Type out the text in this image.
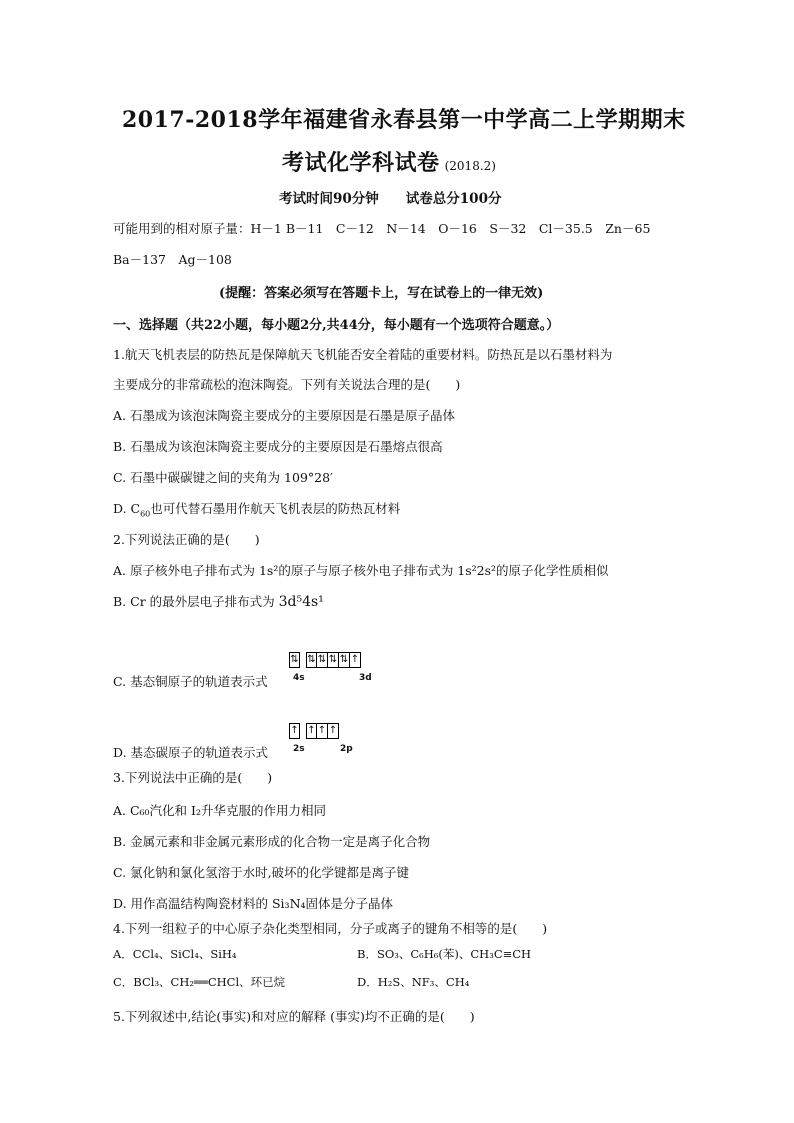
2017-2018学年福建省永春县第一中学高二上学期期末
考试化学科试卷 (2018.2)
考试时间90分钟　　试卷总分100分
可能用到的相对原子量：H－1 B－11　C－12　N－14　O－16　S－32　Cl－35.5　Zn－65
Ba－137　Ag－108
(提醒：答案必须写在答题卡上，写在试卷上的一律无效)
一、选择题（共22小题，每小题2分,共44分，每小题有一个选项符合题意。）
1.航天飞机表层的防热瓦是保障航天飞机能否安全着陆的重要材料。防热瓦是以石墨材料为
主要成分的非常疏松的泡沫陶瓷。下列有关说法合理的是(　　)
A. 石墨成为该泡沫陶瓷主要成分的主要原因是石墨是原子晶体
B. 石墨成为该泡沫陶瓷主要成分的主要原因是石墨熔点很高
C. 石墨中碳碳键之间的夹角为 109°28′
D. $C_{60}$也可代替石墨用作航天飞机表层的防热瓦材料
2.下列说法正确的是(　　)
A. 原子核外电子排布式为 1s²的原子与原子核外电子排布式为 1s²2s²的原子化学性质相似
B. Cr 的最外层电子排布式为 3d⁵4s¹
C. 基态铜原子的轨道表示式
⇅ ⇅ ⇅ ⇅ ⇅ ↑
4s	3d
D. 基态碳原子的轨道表示式
↑ ↑ ↑ ↑
2s	2p
3.下列说法中正确的是(　　)
A. C₆₀汽化和 I₂升华克服的作用力相同
B. 金属元素和非金属元素形成的化合物一定是离子化合物
C. 氯化钠和氯化氢溶于水时,破坏的化学键都是离子键
D. 用作高温结构陶瓷材料的 Si₃N₄固体是分子晶体
4.下列一组粒子的中心原子杂化类型相同，分子或离子的键角不相等的是(　　)
A．CCl₄、SiCl₄、SiH₄	B．SO₃、C₆H₆(苯)、CH₃C≡CH
C．BCl₃、CH₂══CHCl、环已烷	D．H₂S、NF₃、CH₄
5.下列叙述中,结论(事实)和对应的解释 (事实)均不正确的是(　　)
